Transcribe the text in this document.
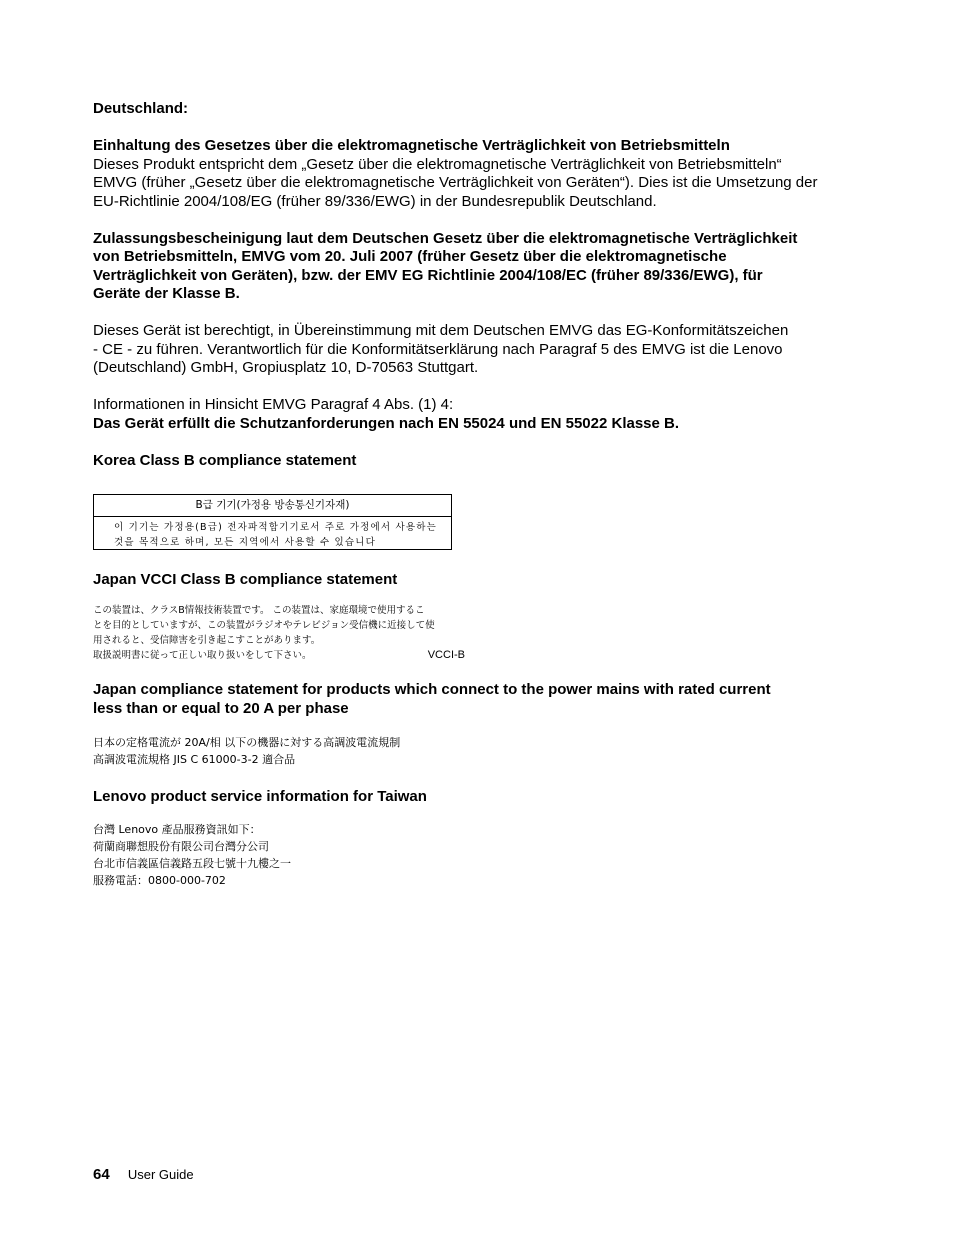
Deutschland:

Einhaltung des Gesetzes über die elektromagnetische Verträglichkeit von Betriebsmitteln

Dieses Produkt entspricht dem „Gesetz über die elektromagnetische Verträglichkeit von Betriebsmitteln“

EMVG (früher „Gesetz über die elektromagnetische Verträglichkeit von Geräten“). Dies ist die Umsetzung der

EU-Richtlinie 2004/108/EG (früher 89/336/EWG) in der Bundesrepublik Deutschland.

Zulassungsbescheinigung laut dem Deutschen Gesetz über die elektromagnetische Verträglichkeit

von Betriebsmitteln, EMVG vom 20. Juli 2007 (früher Gesetz über die elektromagnetische

Verträglichkeit von Geräten), bzw. der EMV EG Richtlinie 2004/108/EC (früher 89/336/EWG), für

Geräte der Klasse B.

Dieses Gerät ist berechtigt, in Übereinstimmung mit dem Deutschen EMVG das EG-Konformitätszeichen

- CE - zu führen. Verantwortlich für die Konformitätserklärung nach Paragraf 5 des EMVG ist die Lenovo

(Deutschland) GmbH, Gropiusplatz 10, D-70563 Stuttgart.

Informationen in Hinsicht EMVG Paragraf 4 Abs. (1) 4:

Das Gerät erfüllt die Schutzanforderungen nach EN 55024 und EN 55022 Klasse B.

Korea Class B compliance statement

B급 기기(가정용 방송통신기자재)
이 기기는 가정용(B급) 전자파적합기기로서 주로 가정에서 사용하는
것을 목적으로 하며, 모든 지역에서 사용할 수 있습니다

Japan VCCI Class B compliance statement

この装置は、クラスB情報技術装置です。 この装置は、家庭環境で使用するこ
とを目的としていますが、この装置がラジオやテレビジョン受信機に近接して使
用されると、受信障害を引き起こすことがあります。
取扱説明書に従って正しい取り扱いをして下さい。	VCCI-B

Japan compliance statement for products which connect to the power mains with rated current

less than or equal to 20 A per phase

日本の定格電流が 20A/相 以下の機器に対する高調波電流規制
高調波電流規格 JIS C 61000-3-2 適合品

Lenovo product service information for Taiwan

台灣 Lenovo 產品服務資訊如下：
荷蘭商聯想股份有限公司台灣分公司
台北市信義區信義路五段七號十九樓之一
服務電話：0800-000-702
64 User Guide
